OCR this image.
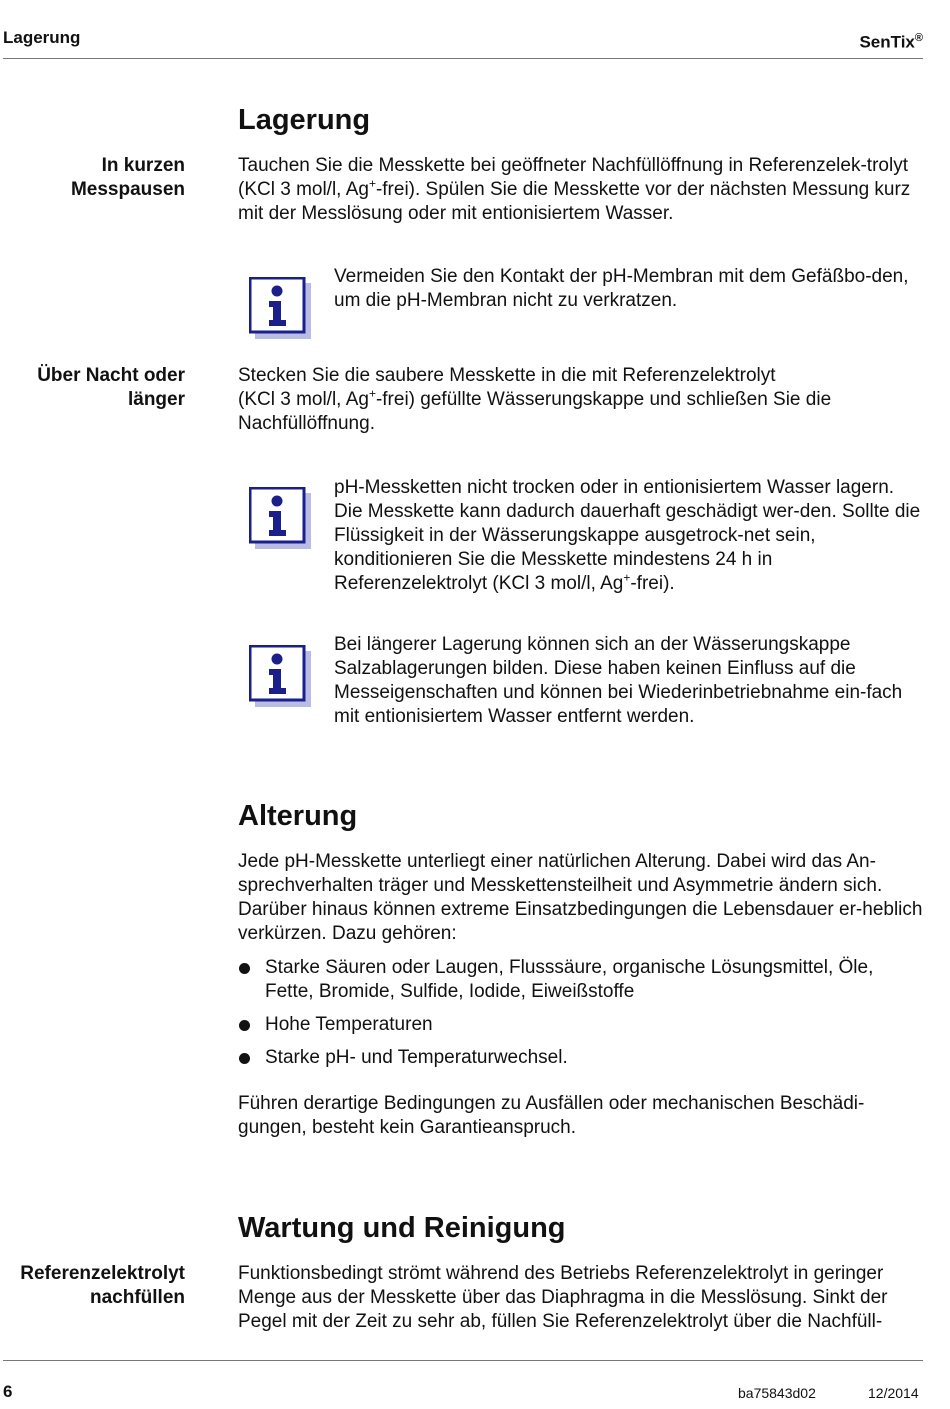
Lagerung	SenTix®
Lagerung
In kurzen Messpausen
Tauchen Sie die Messkette bei geöffneter Nachfüllöffnung in Referenzelek-trolyt (KCl 3 mol/l, Ag+-frei). Spülen Sie die Messkette vor der nächsten Messung kurz mit der Messlösung oder mit entionisiertem Wasser.
Vermeiden Sie den Kontakt der pH-Membran mit dem Gefäßbo-den, um die pH-Membran nicht zu verkratzen.
Über Nacht oder länger
Stecken Sie die saubere Messkette in die mit Referenzelektrolyt
(KCl 3 mol/l, Ag+-frei) gefüllte Wässerungskappe und schließen Sie die Nachfüllöffnung.
pH-Messketten nicht trocken oder in entionisiertem Wasser lagern. Die Messkette kann dadurch dauerhaft geschädigt wer-den. Sollte die Flüssigkeit in der Wässerungskappe ausgetrock-net sein, konditionieren Sie die Messkette mindestens 24 h in Referenzelektrolyt (KCl 3 mol/l, Ag+-frei).
Bei längerer Lagerung können sich an der Wässerungskappe Salzablagerungen bilden. Diese haben keinen Einfluss auf die Messeigenschaften und können bei Wiederinbetriebnahme ein-fach mit entionisiertem Wasser entfernt werden.
Alterung
Jede pH-Messkette unterliegt einer natürlichen Alterung. Dabei wird das An-sprechverhalten träger und Messkettensteilheit und Asymmetrie ändern sich. Darüber hinaus können extreme Einsatzbedingungen die Lebensdauer er-heblich verkürzen. Dazu gehören:
Starke Säuren oder Laugen, Flusssäure, organische Lösungsmittel, Öle, Fette, Bromide, Sulfide, Iodide, Eiweißstoffe
Hohe Temperaturen
Starke pH- und Temperaturwechsel.
Führen derartige Bedingungen zu Ausfällen oder mechanischen Beschädi-gungen, besteht kein Garantieanspruch.
Wartung und Reinigung
Referenzelektrolyt nachfüllen
Funktionsbedingt strömt während des Betriebs Referenzelektrolyt in geringer Menge aus der Messkette über das Diaphragma in die Messlösung. Sinkt der Pegel mit der Zeit zu sehr ab, füllen Sie Referenzelektrolyt über die Nachfüll-
6	ba75843d02	12/2014
